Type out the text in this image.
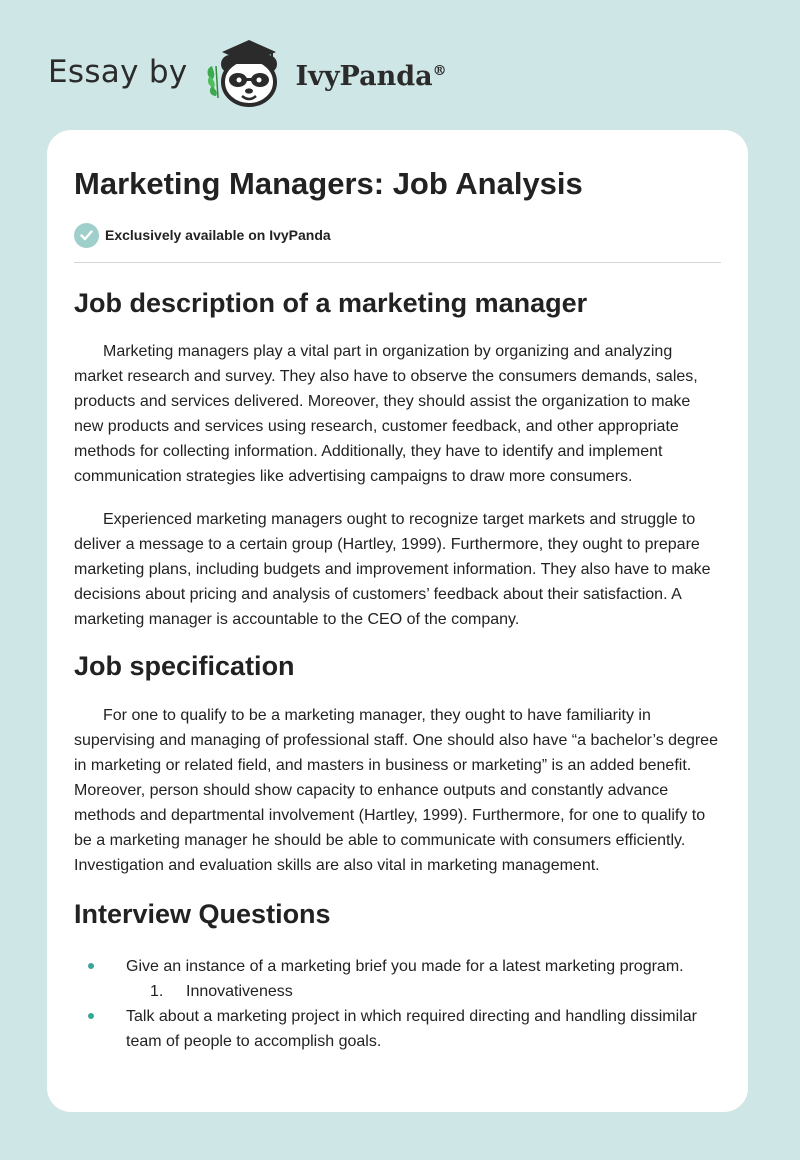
Essay by	IvyPanda®
Marketing Managers: Job Analysis
Exclusively available on IvyPanda
Job description of a marketing manager

Marketing managers play a vital part in organization by organizing and analyzing market research and survey. They also have to observe the consumers demands, sales, products and services delivered. Moreover, they should assist the organization to make new products and services using research, customer feedback, and other appropriate methods for collecting information. Additionally, they have to identify and implement communication strategies like advertising campaigns to draw more consumers.

Experienced marketing managers ought to recognize target markets and struggle to deliver a message to a certain group (Hartley, 1999). Furthermore, they ought to prepare marketing plans, including budgets and improvement information. They also have to make decisions about pricing and analysis of customers’ feedback about their satisfaction. A marketing manager is accountable to the CEO of the company.

Job specification

For one to qualify to be a marketing manager, they ought to have familiarity in supervising and managing of professional staff. One should also have “a bachelor’s degree in marketing or related field, and masters in business or marketing” is an added benefit. Moreover, person should show capacity to enhance outputs and constantly advance methods and departmental involvement (Hartley, 1999). Furthermore, for one to qualify to be a marketing manager he should be able to communicate with consumers efficiently. Investigation and evaluation skills are also vital in marketing management.

Interview Questions
Give an instance of a marketing brief you made for a latest marketing program.
1.	Innovativeness
Talk about a marketing project in which required directing and handling dissimilar team of people to accomplish goals.
